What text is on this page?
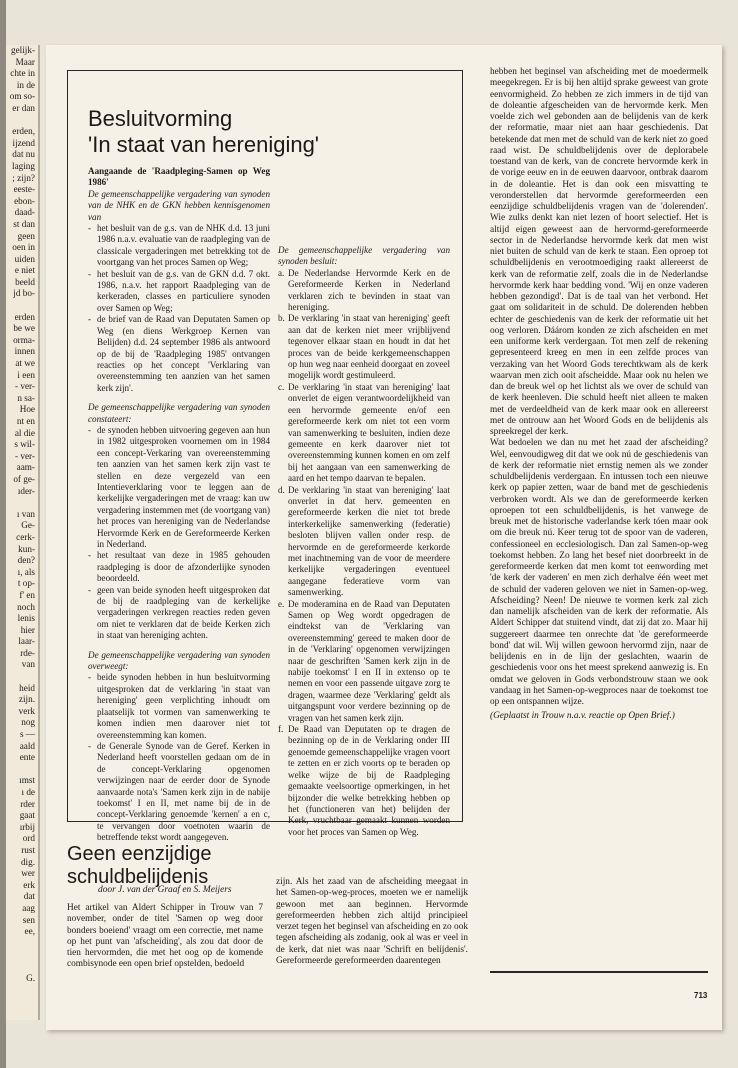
gelijk-
Maar
chte in
in de
om so-
er dan
erden,
ijzend
dat nu
laging
; zijn?
eeste-
ebon-
daad-
st dan
geen
oen in
uiden
e niet
beeld
jd bo-
erden
be we
ormа-
innen
at we
i een
- ver-
n sa-
Hoe
nt en
al die
s wil-
- ver-
aam-
of ge-
ıder-
ı van
Ge-
cerk-
kun-
den?
ı, als
t op-
f' en
noch
lenis
hier
laar-
rde-
van
heid
zijn.
verk
nog
s —
aald
ente
ımst
ı de
rder
gaat
ırbij
ord
rust
dig.
wer
erk
dat
aag
sen
ee,
G.
Besluitvorming
'In staat van hereniging'

Aangaande de 'Raadpleging-Samen op Weg 1986'

De gemeenschappelijke vergadering van synoden van de NHK en de GKN hebben kennisgenomen van

- het besluit van de g.s. van de NHK d.d. 13 juni 1986 n.a.v. evaluatie van de raadpleging van de classicale vergaderingen met betrekking tot de voortgang van het proces Samen op Weg;
- het besluit van de g.s. van de GKN d.d. 7 okt. 1986, n.a.v. het rapport Raadpleging van de kerkeraden, classes en particuliere synoden over Samen op Weg;
- de brief van de Raad van Deputaten Samen op Weg (en diens Werkgroep Kernen van Belijden) d.d. 24 september 1986 als antwoord op de bij de 'Raadpleging 1985' ontvangen reacties op het concept 'Verklaring van overeenstemming ten aanzien van het samen kerk zijn'.

De gemeenschappelijke vergadering van synoden constateert:

- de synoden hebben uitvoering gegeven aan hun in 1982 uitgesproken voornemen om in 1984 een concept-Verkaring van overeenstemming ten aanzien van het samen kerk zijn vast te stellen en deze vergezeld van een Intentieverklaring voor te leggen aan de kerkelijke vergaderingen met de vraag: kan uw vergadering instemmen met (de voortgang van) het proces van hereniging van de Nederlandse Hervormde Kerk en de Gereformeerde Kerken in Nederland.
- het resultaat van deze in 1985 gehouden raadpleging is door de afzonderlijke synoden beoordeeld.
- geen van beide synoden heeft uitgesproken dat de bij de raadpleging van de kerkelijke vergaderingen verkregen reacties reden geven om niet te verklaren dat de beide Kerken zich in staat van hereniging achten.

De gemeenschappelijke vergadering van synoden overweegt:

- beide synoden hebben in hun besluitvorming uitgesproken dat de verklaring 'in staat van hereniging' geen verplichting inhoudt om plaatselijk tot vormen van samenwerking te komen indien men daarover niet tot overeenstemming kan komen.
- de Generale Synode van de Geref. Kerken in Nederland heeft voorstellen gedaan om de in de concept-Verklaring opgenomen verwijzingen naar de eerder door de Synode aanvaarde nota's 'Samen kerk zijn in de nabije toekomst' I en II, met name bij de in de concept-Verklaring genoemde 'kernen' a en c, te vervangen door voetnoten waarin de betreffende tekst wordt aangegeven.

De gemeenschappelijke vergadering van synoden besluit:

a. De Nederlandse Hervormde Kerk en de Gereformeerde Kerken in Nederland verklaren zich te bevinden in staat van hereniging.
b. De verklaring 'in staat van hereniging' geeft aan dat de kerken niet meer vrijblijvend tegenover elkaar staan en houdt in dat het proces van de beide kerkgemeenschappen op hun weg naar eenheid doorgaat en zoveel mogelijk wordt gestimuleerd.
c. De verklaring 'in staat van hereniging' laat onverlet de eigen verantwoordelijkheid van een hervormde gemeente en/of een gereformeerde kerk om niet tot een vorm van samenwerking te besluiten, indien deze gemeente en kerk daarover niet tot overeenstemming kunnen komen en om zelf bij het aangaan van een samenwerking de aard en het tempo daarvan te bepalen.
d. De verklaring 'in staat van hereniging' laat onverlet in dat herv. gemeenten en gereformeerde kerken die niet tot brede interkerkelijke samenwerking (federatie) besloten blijven vallen onder resp. de hervormde en de gereformeerde kerkorde met inachtneming van de voor de meerdere kerkelijke vergaderingen eventueel aangegane federatieve vorm van samenwerking.
e. De moderamina en de Raad van Deputaten Samen op Weg wordt opgedragen de eindtekst van de 'Verklaring van overeenstemming' gereed te maken door de in de 'Verklaring' opgenomen verwijzingen naar de geschriften 'Samen kerk zijn in de nabije toekomst' I en II in extenso op te nemen en voor een passende uitgave zorg te dragen, waarmee deze 'Verklaring' geldt als uitgangspunt voor verdere bezinning op de vragen van het samen kerk zijn.
f. De Raad van Deputaten op te dragen de bezinning op de in de Verklaring onder III genoemde gemeenschappelijke vragen voort te zetten en er zich voorts op te beraden op welke wijze de bij de Raadpleging gemaakte veelsoortige opmerkingen, in het bijzonder die welke betrekking hebben op het (functioneren van het) belijden der Kerk, vruchtbaar gemaakt kunnen worden voor het proces van Samen op Weg.
Geen eenzijdige
schuldbelijdenis
door J. van der Graaf en S. Meijers

Het artikel van Aldert Schipper in Trouw van 7 november, onder de titel 'Samen op weg door bonders boeiend' vraagt om een correctie, met name op het punt van 'afscheiding', als zou dat door de tien hervormden, die met het oog op de komende combisynode een open brief opstelden, bedoeld

zijn. Als het zaad van de afscheiding meegaat in het Samen-op-weg-proces, moeten we er namelijk gewoon met aan beginnen. Hervormde gereformeerden hebben zich altijd principieel verzet tegen het beginsel van afscheiding en zo ook tegen afscheiding als zodanig, ook al was er veel in de kerk, dat niet was naar 'Schrift en belijdenis'. Gereformeerde gereformeerden daarentegen

hebben het beginsel van afscheiding met de moedermelk meegekregen. Er is bij hen altijd sprake geweest van grote eenvormigheid. Zo hebben ze zich immers in de tijd van de doleantie afgescheiden van de hervormde kerk. Men voelde zich wel gebonden aan de belijdenis van de kerk der reformatie, maar niet aan haar geschiedenis. Dat betekende dat men met de schuld van de kerk niet zo goed raad wist. De schuldbelijdenis over de deplorabele toestand van de kerk, van de concrete hervormde kerk in de vorige eeuw en in de eeuwen daarvoor, ontbrak daarom in de doleantie. Het is dan ook een misvatting te veronderstellen dat hervormde gereformeerden een eenzijdige schuldbelijdenis vragen van de 'dolerenden'. Wie zulks denkt kan niet lezen of hoort selectief. Het is altijd eigen geweest aan de hervormd-gereformeerde sector in de Nederlandse hervormde kerk dat men wist niet buiten de schuld van de kerk te staan. Een oproep tot schuldbelijdenis en verootmoediging raakt allereerst de kerk van de reformatie zelf, zoals die in de Nederlandse hervormde kerk haar bedding vond. 'Wij en onze vaderen hebben gezondigd'. Dat is de taal van het verbond. Het gaat om solidariteit in de schuld. De dolerenden hebben echter de geschiedenis van de kerk der reformatie uit het oog verloren. Dáárom konden ze zich afscheiden en met een uniforme kerk verdergaan. Tot men zelf de rekening gepresenteerd kreeg en men in een zelfde proces van verzaking van het Woord Gods terechtkwam als de kerk waarvan men zich ooit afscheidde. Maar ook nu helen we dan de breuk wel op het lichtst als we over de schuld van de kerk heenleven. Die schuld heeft niet alleen te maken met de verdeeldheid van de kerk maar ook en allereerst met de ontrouw aan het Woord Gods en de belijdenis als spreekregel der kerk.

Wat bedoelen we dan nu met het zaad der afscheiding? Wel, eenvoudigweg dit dat we ook nú de geschiedenis van de kerk der reformatie niet ernstig nemen als we zonder schuldbelijdenis verdergaan. En intussen toch een nieuwe kerk op papier zetten, waar de band met de geschiedenis verbroken wordt. Als we dan de gereformeerde kerken oproepen tot een schuldbelijdenis, is het vanwege de breuk met de historische vaderlandse kerk tóen maar ook om die breuk nú. Keer terug tot de spoor van de vaderen, confessioneel en ecclesiologisch. Dan zal Samen-op-weg toekomst hebben. Zo lang het besef niet doorbreekt in de gereformeerde kerken dat men komt tot eenwording met 'de kerk der vaderen' en men zich derhalve één weet met de schuld der vaderen geloven we niet in Samen-op-weg. Afscheiding? Neen! De nieuwe te vormen kerk zal zich dan namelijk afscheiden van de kerk der reformatie. Als Aldert Schipper dat stuitend vindt, dat zij dat zo. Maar hij suggereert daarmee ten onrechte dat 'de gereformeerde bond' dat wil. Wij willen gewoon hervormd zijn, naar de belijdenis en in de lijn der geslachten, waarin de geschiedenis voor ons het meest sprekend aanwezig is. En omdat we geloven in Gods verbondstrouw staan we ook vandaag in het Samen-op-wegproces naar de toekomst toe op een ontspannen wijze.

(Geplaatst in Trouw n.a.v. reactie op Open Brief.)

713
